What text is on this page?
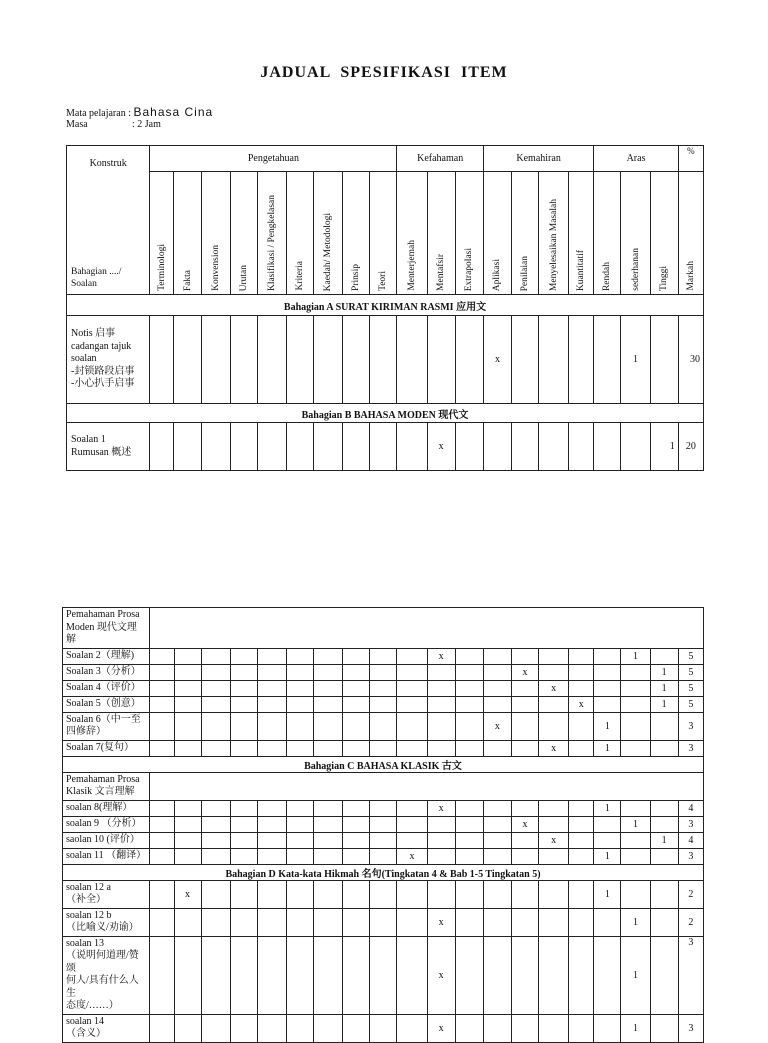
JADUAL SPESIFIKASI ITEM
Mata pelajaran : Bahasa Cina
Masa	: 2 Jam
Konstruk
Bahagian ..../
Soalan	Pengetahuan									Kefahaman			Kemahiran				Aras			%

	Terminologi	Fakta	Konvension	Urutan	Klasifikasi / Pengkelasan	Kriteria	Kaedah/ Metodologi	Prinsip	Teori	Menterjemah	Mentafsir	Extrapolasi	Aplikasi	Penilaian	Menyelesaikan Masalah	Kuantitatif	Rendah	sederhanan	Tinggi	Markah

Bahagian A SURAT KIRIMAN RASMI 应用文																				

Notis 启事
cadangan tajuk
soalan
-封锁路段启事
-小心扒手启事													x					1		30
Bahagian B BAHASA MODEN 现代文																				

Soalan 1
Rumusan 概述											x								1	20
Pemahaman Prosa
Moden 现代文理解																				

Soalan 2（理解)											x							1		5

Soalan 3（分析）														x					1	5

Soalan 4（评价）															x				1	5

Soalan 5（创意）																x			1	5

Soalan 6（中一至
四修辞）													x				1			3

Soalan 7(复句）															x		1			3
Bahagian C BAHASA KLASIK 古文																				

Pemahaman Prosa
Klasik 文言理解																				

soalan 8(理解）											x						1			4

soalan 9 （分析）														x				1		3

saolan 10 (评价）															x				1	4

soalan 11 （翻译）										x							1			3
Bahagian D Kata-kata Hikmah 名句(Tingkatan 4 & Bab 1-5 Tingkatan 5)																				

soalan 12 a
（补全）		x															1			2

soalan 12 b
（比喻义/劝谕）											x							1		2

soalan 13
（说明何道理/赞颂
何人/具有什么人生
态度/……）											x							1		3

soalan 14
（含义）											x							1		3
